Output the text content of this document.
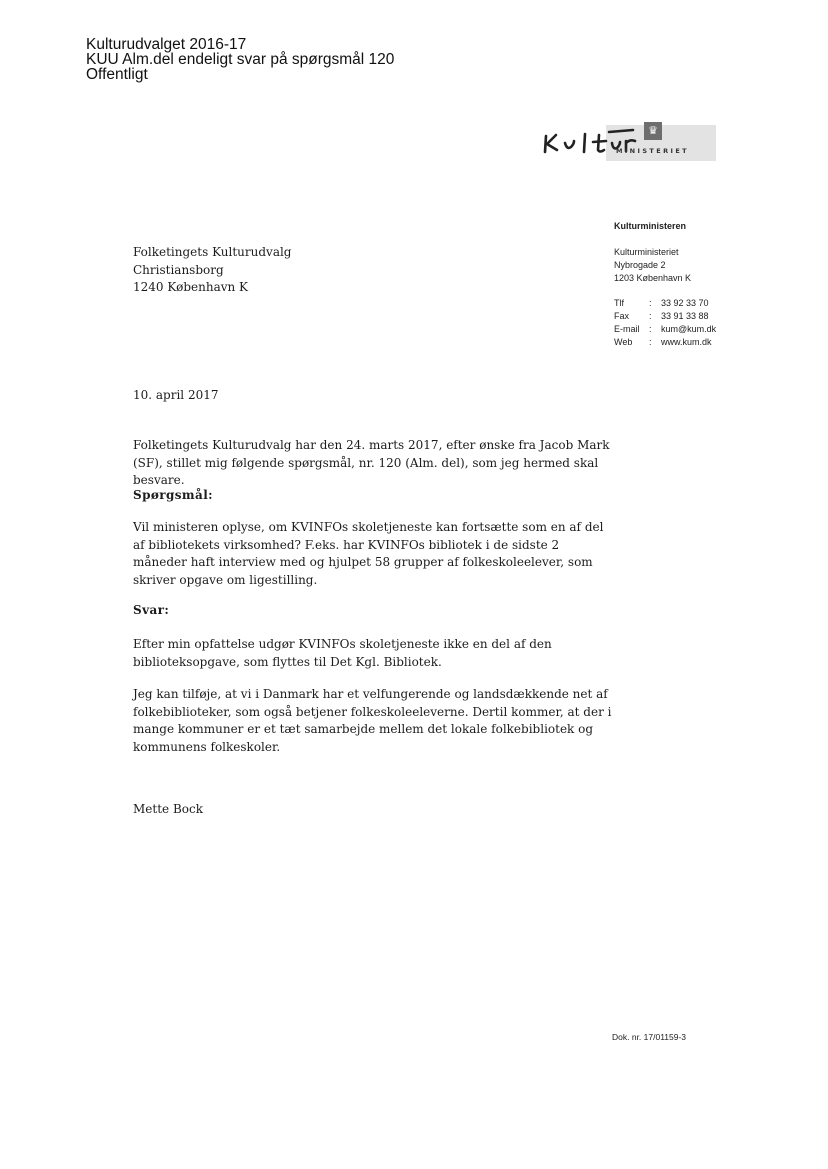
Kulturudvalget 2016-17
KUU Alm.del endeligt svar på spørgsmål 120
Offentligt
♛
MINISTERIET
Folketingets Kulturudvalg
Christiansborg
1240 København K
Kulturministeren
Kulturministeriet
Nybrogade 2
1203 København K
Tlf	:	33 92 33 70
Fax	:	33 91 33 88
E-mail	:	kum@kum.dk
Web	:	www.kum.dk
10. april 2017

Folketingets Kulturudvalg har den 24. marts 2017, efter ønske fra Jacob Mark (SF), stillet mig følgende spørgsmål, nr. 120 (Alm. del), som jeg hermed skal besvare.

Spørgsmål:

Vil ministeren oplyse, om KVINFOs skoletjeneste kan fortsætte som en af del af bibliotekets virksomhed? F.eks. har KVINFOs bibliotek i de sidste 2 måneder haft interview med og hjulpet 58 grupper af folkeskoleelever, som skriver opgave om ligestilling.

Svar:

Efter min opfattelse udgør KVINFOs skoletjeneste ikke en del af den biblioteksopgave, som flyttes til Det Kgl. Bibliotek.

Jeg kan tilføje, at vi i Danmark har et velfungerende og landsdækkende net af folkebiblioteker, som også betjener folkeskoleeleverne. Dertil kommer, at der i mange kommuner er et tæt samarbejde mellem det lokale folkebibliotek og kommunens folkeskoler.

Mette Bock
Dok. nr. 17/01159-3
